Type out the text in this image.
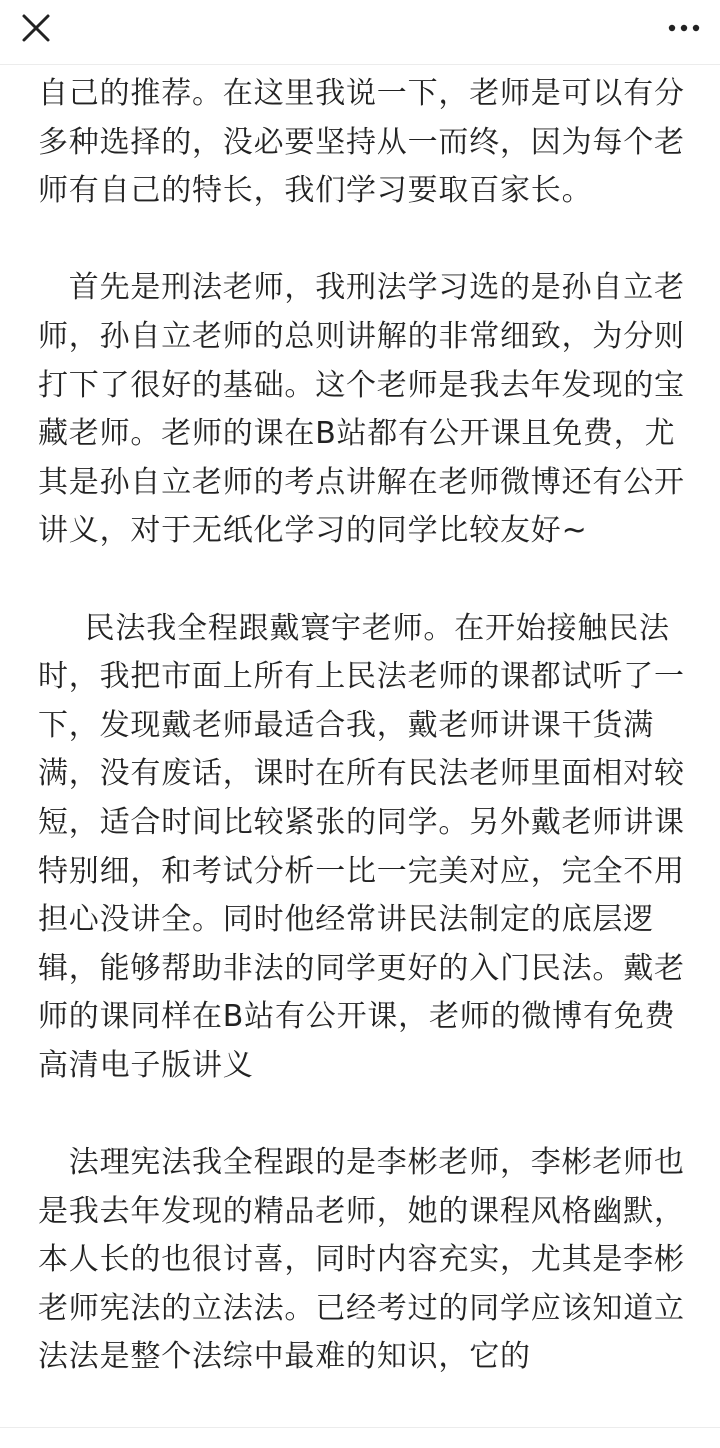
自己的推荐。在这里我说一下，老师是可以有分多种选择的，没必要坚持从一而终，因为每个老师有自己的特长，我们学习要取百家长。

　首先是刑法老师，我刑法学习选的是孙自立老师，孙自立老师的总则讲解的非常细致，为分则打下了很好的基础。这个老师是我去年发现的宝藏老师。老师的课在B站都有公开课且免费，尤其是孙自立老师的考点讲解在老师微博还有公开讲义，对于无纸化学习的同学比较友好~

　 民法我全程跟戴寰宇老师。在开始接触民法时，我把市面上所有上民法老师的课都试听了一下，发现戴老师最适合我，戴老师讲课干货满满，没有废话，课时在所有民法老师里面相对较短，适合时间比较紧张的同学。另外戴老师讲课特别细，和考试分析一比一完美对应，完全不用担心没讲全。同时他经常讲民法制定的底层逻辑，能够帮助非法的同学更好的入门民法。戴老师的课同样在B站有公开课，老师的微博有免费高清电子版讲义

　法理宪法我全程跟的是李彬老师，李彬老师也是我去年发现的精品老师，她的课程风格幽默，本人长的也很讨喜，同时内容充实，尤其是李彬老师宪法的立法法。已经考过的同学应该知道立法法是整个法综中最难的知识，它的
